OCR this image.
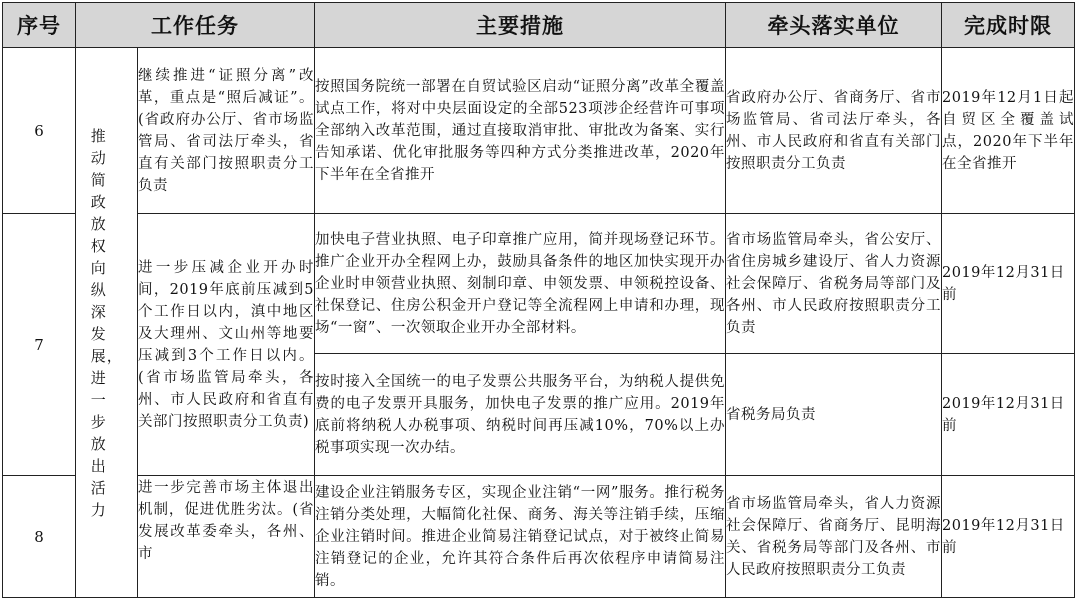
序号	工作任务		主要措施	牵头落实单位	完成时限
6	推动简政放权向纵深发展，进一步放出活力	继续推进“证照分离”改革，重点是“照后减证”。(省政府办公厅、省市场监管局、省司法厅牵头，省直有关部门按照职责分工负责	按照国务院统一部署在自贸试验区启动“证照分离”改革全覆盖试点工作，将对中央层面设定的全部523项涉企经营许可事项全部纳入改革范围，通过直接取消审批、审批改为备案、实行告知承诺、优化审批服务等四种方式分类推进改革，2020年下半年在全省推开	省政府办公厅、省商务厅、省市场监管局、省司法厅牵头，各州、市人民政府和省直有关部门按照职责分工负责	2019年12月1日起自贸区全覆盖试点，2020年下半年在全省推开
7		进一步压减企业开办时间，2019年底前压减到5个工作日以内，滇中地区及大理州、文山州等地要压减到3个工作日以内。(省市场监管局牵头，各州、市人民政府和省直有关部门按照职责分工负责)	加快电子营业执照、电子印章推广应用，简并现场登记环节。推广企业开办全程网上办，鼓励具备条件的地区加快实现开办企业时申领营业执照、刻制印章、申领发票、申领税控设备、社保登记、住房公积金开户登记等全流程网上申请和办理，现场“一窗”、一次领取企业开办全部材料。	省市场监管局牵头，省公安厅、省住房城乡建设厅、省人力资源社会保障厅、省税务局等部门及各州、市人民政府按照职责分工负责	2019年12月31日前
			按时接入全国统一的电子发票公共服务平台，为纳税人提供免费的电子发票开具服务，加快电子发票的推广应用。2019年底前将纳税人办税事项、纳税时间再压减10%，70%以上办税事项实现一次办结。	省税务局负责	2019年12月31日前
8		进一步完善市场主体退出机制，促进优胜劣汰。(省发展改革委牵头，各州、市	建设企业注销服务专区，实现企业注销“一网”服务。推行税务注销分类处理，大幅简化社保、商务、海关等注销手续，压缩企业注销时间。推进企业简易注销登记试点，对于被终止简易注销登记的企业，允许其符合条件后再次依程序申请简易注销。	省市场监管局牵头，省人力资源社会保障厅、省商务厅、昆明海关、省税务局等部门及各州、市人民政府按照职责分工负责	2019年12月31日前
